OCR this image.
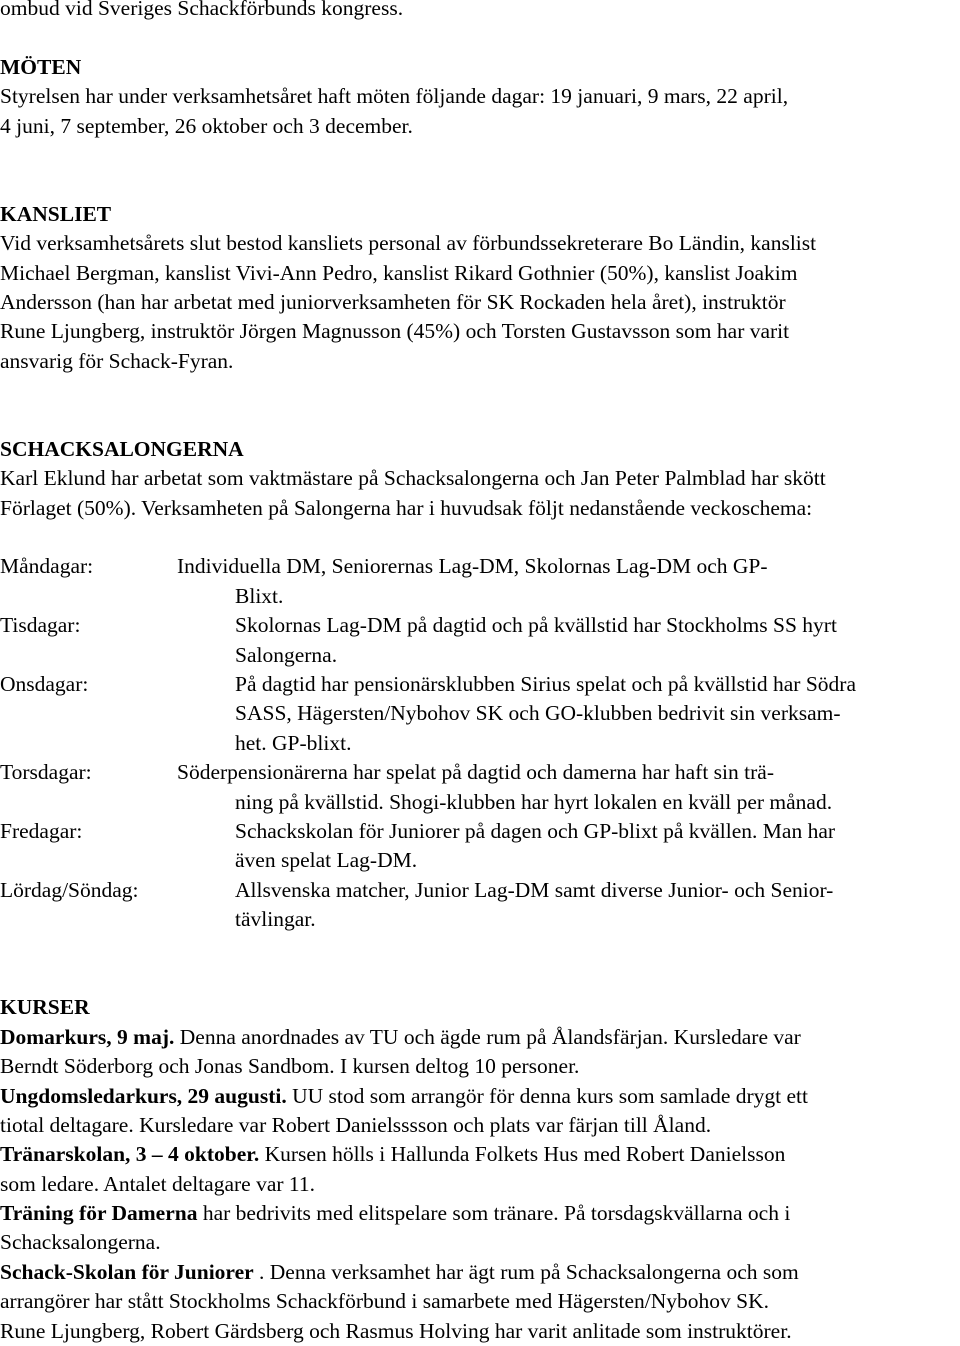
ombud vid Sveriges Schackförbunds kongress.
MÖTEN
Styrelsen har under verksamhetsåret haft möten följande dagar: 19 januari, 9 mars, 22 april,
4 juni, 7 september, 26 oktober och 3 december.
KANSLIET
Vid verksamhetsårets slut bestod kansliets personal av förbundssekreterare Bo Ländin, kanslist
Michael Bergman, kanslist Vivi-Ann Pedro, kanslist Rikard Gothnier (50%), kanslist Joakim
Andersson (han har arbetat med juniorverksamheten för SK Rockaden hela året), instruktör
Rune Ljungberg, instruktör Jörgen Magnusson (45%) och Torsten Gustavsson som har varit
ansvarig för Schack-Fyran.
SCHACKSALONGERNA
Karl Eklund har arbetat som vaktmästare på Schacksalongerna och Jan Peter Palmblad har skött
Förlaget (50%). Verksamheten på Salongerna har i huvudsak följt nedanstående veckoschema:
Måndagar:	Individuella DM, Seniorernas Lag-DM, Skolornas Lag-DM och GP-
Blixt.
Tisdagar:	Skolornas Lag-DM på dagtid och på kvällstid har Stockholms SS hyrt
Salongerna.
Onsdagar:	På dagtid har pensionärsklubben Sirius spelat och på kvällstid har Södra
SASS, Hägersten/Nybohov SK och GO-klubben bedrivit sin verksam-
het. GP-blixt.
Torsdagar:	Söderpensionärerna har spelat på dagtid och damerna har haft sin trä-
ning på kvällstid. Shogi-klubben har hyrt lokalen en kväll per månad.
Fredagar:	Schackskolan för Juniorer på dagen och GP-blixt på kvällen. Man har
även spelat Lag-DM.
Lördag/Söndag:	Allsvenska matcher, Junior Lag-DM samt diverse Junior- och Senior-
tävlingar.
KURSER
Domarkurs, 9 maj. Denna anordnades av TU och ägde rum på Ålandsfärjan. Kursledare var
Berndt Söderborg och Jonas Sandbom. I kursen deltog 10 personer.
Ungdomsledarkurs, 29 augusti. UU stod som arrangör för denna kurs som samlade drygt ett
tiotal deltagare. Kursledare var Robert Danielsssson och plats var färjan till Åland.
Tränarskolan, 3 – 4 oktober. Kursen hölls i Hallunda Folkets Hus med Robert Danielsson
som ledare. Antalet deltagare var 11.
Träning för Damerna har bedrivits med elitspelare som tränare. På torsdagskvällarna och i
Schacksalongerna.
Schack-Skolan för Juniorer . Denna verksamhet har ägt rum på Schacksalongerna och som
arrangörer har stått Stockholms Schackförbund i samarbete med Hägersten/Nybohov SK.
Rune Ljungberg, Robert Gärdsberg och Rasmus Holving har varit anlitade som instruktörer.
